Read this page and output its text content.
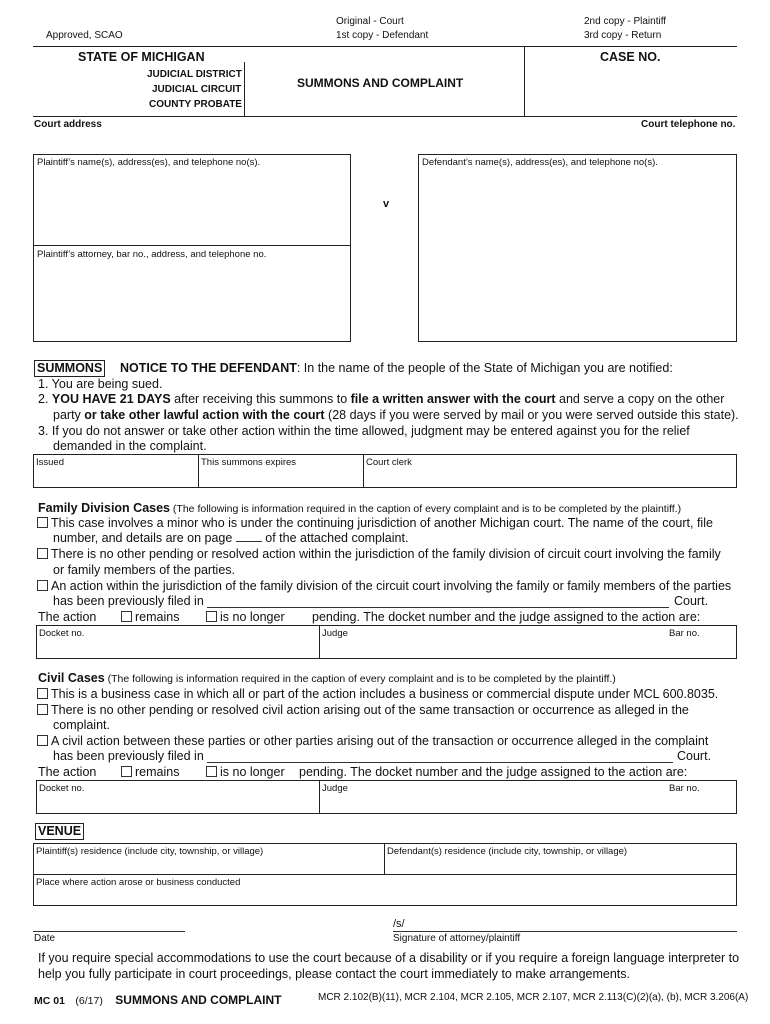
Approved, SCAO
Original - Court
1st copy - Defendant
2nd copy - Plaintiff
3rd copy - Return
STATE OF MICHIGAN
JUDICIAL DISTRICT
JUDICIAL CIRCUIT
COUNTY PROBATE
SUMMONS AND COMPLAINT
CASE NO.
Court address	Court telephone no.
Plaintiff’s name(s), address(es), and telephone no(s).
Plaintiff’s attorney, bar no., address, and telephone no.
v
Defendant’s name(s), address(es), and telephone no(s).
SUMMONS NOTICE TO THE DEFENDANT: In the name of the people of the State of Michigan you are notified:
1. You are being sued.
2. YOU HAVE 21 DAYS after receiving this summons to file a written answer with the court and serve a copy on the other
party or take other lawful action with the court (28 days if you were served by mail or you were served outside this state).
3. If you do not answer or take other action within the time allowed, judgment may be entered against you for the relief
demanded in the complaint.
Issued	This summons expires	Court clerk
Family Division Cases (The following is information required in the caption of every complaint and is to be completed by the plaintiff.)
This case involves a minor who is under the continuing jurisdiction of another Michigan court. The name of the court, file
number, and details are on page	of the attached complaint.
There is no other pending or resolved action within the jurisdiction of the family division of circuit court involving the family
or family members of the parties.
An action within the jurisdiction of the family division of the circuit court involving the family or family members of the parties
has been previously filed in	Court.
The action	remains	is no longer pending. The docket number and the judge assigned to the action are:
Docket no.	Judge	Bar no.
Civil Cases (The following is information required in the caption of every complaint and is to be completed by the plaintiff.)
This is a business case in which all or part of the action includes a business or commercial dispute under MCL 600.8035.
There is no other pending or resolved civil action arising out of the same transaction or occurrence as alleged in the
complaint.
A civil action between these parties or other parties arising out of the transaction or occurrence alleged in the complaint
has been previously filed in	Court.
The action	remains	is no longer pending. The docket number and the judge assigned to the action are:
Docket no.	Judge	Bar no.
VENUE
Plaintiff(s) residence (include city, township, or village)	Defendant(s) residence (include city, township, or village)
Place where action arose or business conducted
Date
/s/
Signature of attorney/plaintiff
If you require special accommodations to use the court because of a disability or if you require a foreign language interpreter to
help you fully participate in court proceedings, please contact the court immediately to make arrangements.
MC 01 (6/17) SUMMONS AND COMPLAINT	MCR 2.102(B)(11), MCR 2.104, MCR 2.105, MCR 2.107, MCR 2.113(C)(2)(a), (b), MCR 3.206(A)
